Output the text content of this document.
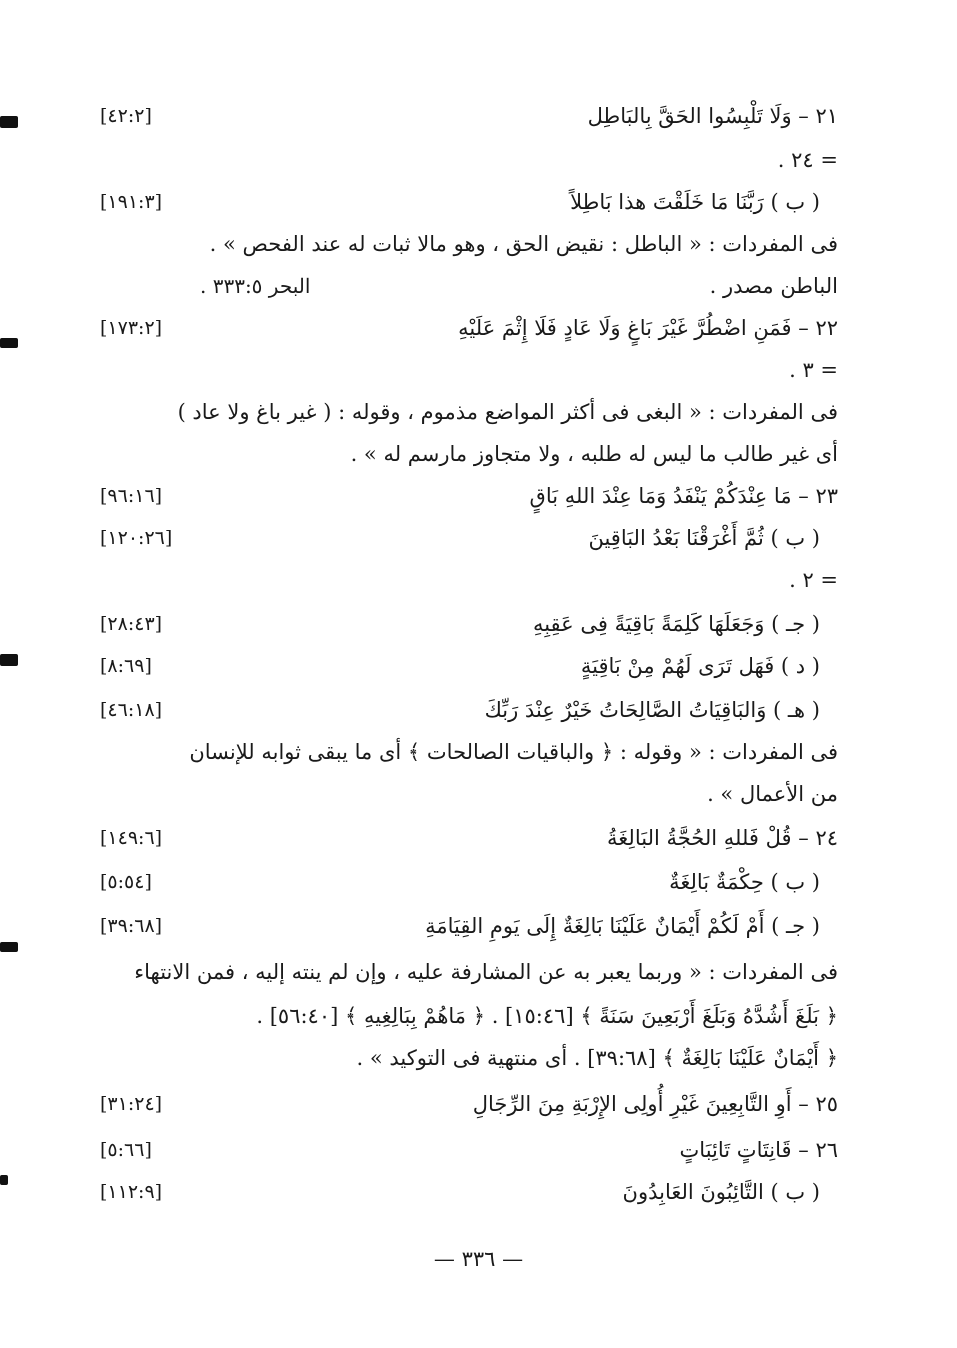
٢١ – وَلَا تَلْبِسُوا الحَقَّ بِالبَاطِل
[٤٢:٢]
= ٢٤ .
( ب ) رَبَّنَا مَا خَلَقْتَ هذا بَاطِلاً
[١٩١:٣]
فى المفردات : « الباطل : نقيض الحق ، وهو مالا ثبات له عند الفحص » .
الباطن مصدر .
البحر ٣٣٣:٥ .
٢٢ – فَمَنِ اضْطُرَّ غَيْرَ بَاغٍ وَلَا عَادٍ فَلَا إِثْمَ عَلَيْهِ
[١٧٣:٢]
= ٣ .
فى المفردات : « البغى فى أكثر المواضع مذموم ، وقوله : ( غير باغ ولا عاد )
أى غير طالب ما ليس له طلبه ، ولا متجاوز مارسم له » .
٢٣ – مَا عِنْدَكُمْ يَنْفَدُ وَمَا عِنْدَ اللهِ بَاقٍ
[٩٦:١٦]
( ب ) ثُمَّ أَغْرَقْنَا بَعْدُ البَاقِينَ
[١٢٠:٢٦]
= ٢ .
( جـ ) وَجَعَلَهَا كَلِمَةً بَاقِيَةً فِى عَقِبِهِ
[٢٨:٤٣]
( د ) فَهَل تَرَى لَهُمْ مِنْ بَاقِيَةٍ
[٨:٦٩]
( هـ ) وَالبَاقِيَاتُ الصَّالِحَاتُ خَيْرٌ عِنْدَ رَبِّكَ
[٤٦:١٨]
فى المفردات : « وقوله : ﴿ والباقيات الصالحات ﴾ أى ما يبقى ثوابه للإنسان
من الأعمال » .
٢٤ – قُلْ فَللهِ الحُجَّةُ البَالِغَةُ
[١٤٩:٦]
( ب ) حِكْمَةٌ بَالِغَةٌ
[٥:٥٤]
( جـ ) أَمْ لَكُمْ أَيْمَانٌ عَلَيْنَا بَالِغَةٌ إِلَى يَومِ القِيَامَةِ
[٣٩:٦٨]
فى المفردات : « وربما يعبر به عن المشارفة عليه ، وإن لم ينته إليه ، فمن الانتهاء
﴿ بَلَغَ أَشُدَّهُ وَبَلَغَ أَرْبَعِينَ سَنَةً ﴾ [١٥:٤٦] . ﴿ مَاهُمْ بِبَالِغِيهِ ﴾ [٥٦:٤٠] .
﴿ أَيْمَانٌ عَلَيْنَا بَالِغَةٌ ﴾ [٣٩:٦٨] . أى منتهية فى التوكيد » .
٢٥ – أَوِ التَّابِعِينَ غَيْرِ أُولِى الإِرْبَةِ مِنَ الرِّجَالِ
[٣١:٢٤]
٢٦ – قَانِتَاتٍ تَائِبَاتٍ
[٥:٦٦]
( ب ) التَّائِبُونَ العَابِدُونَ
[١١٢:٩]
— ٣٣٦ —
